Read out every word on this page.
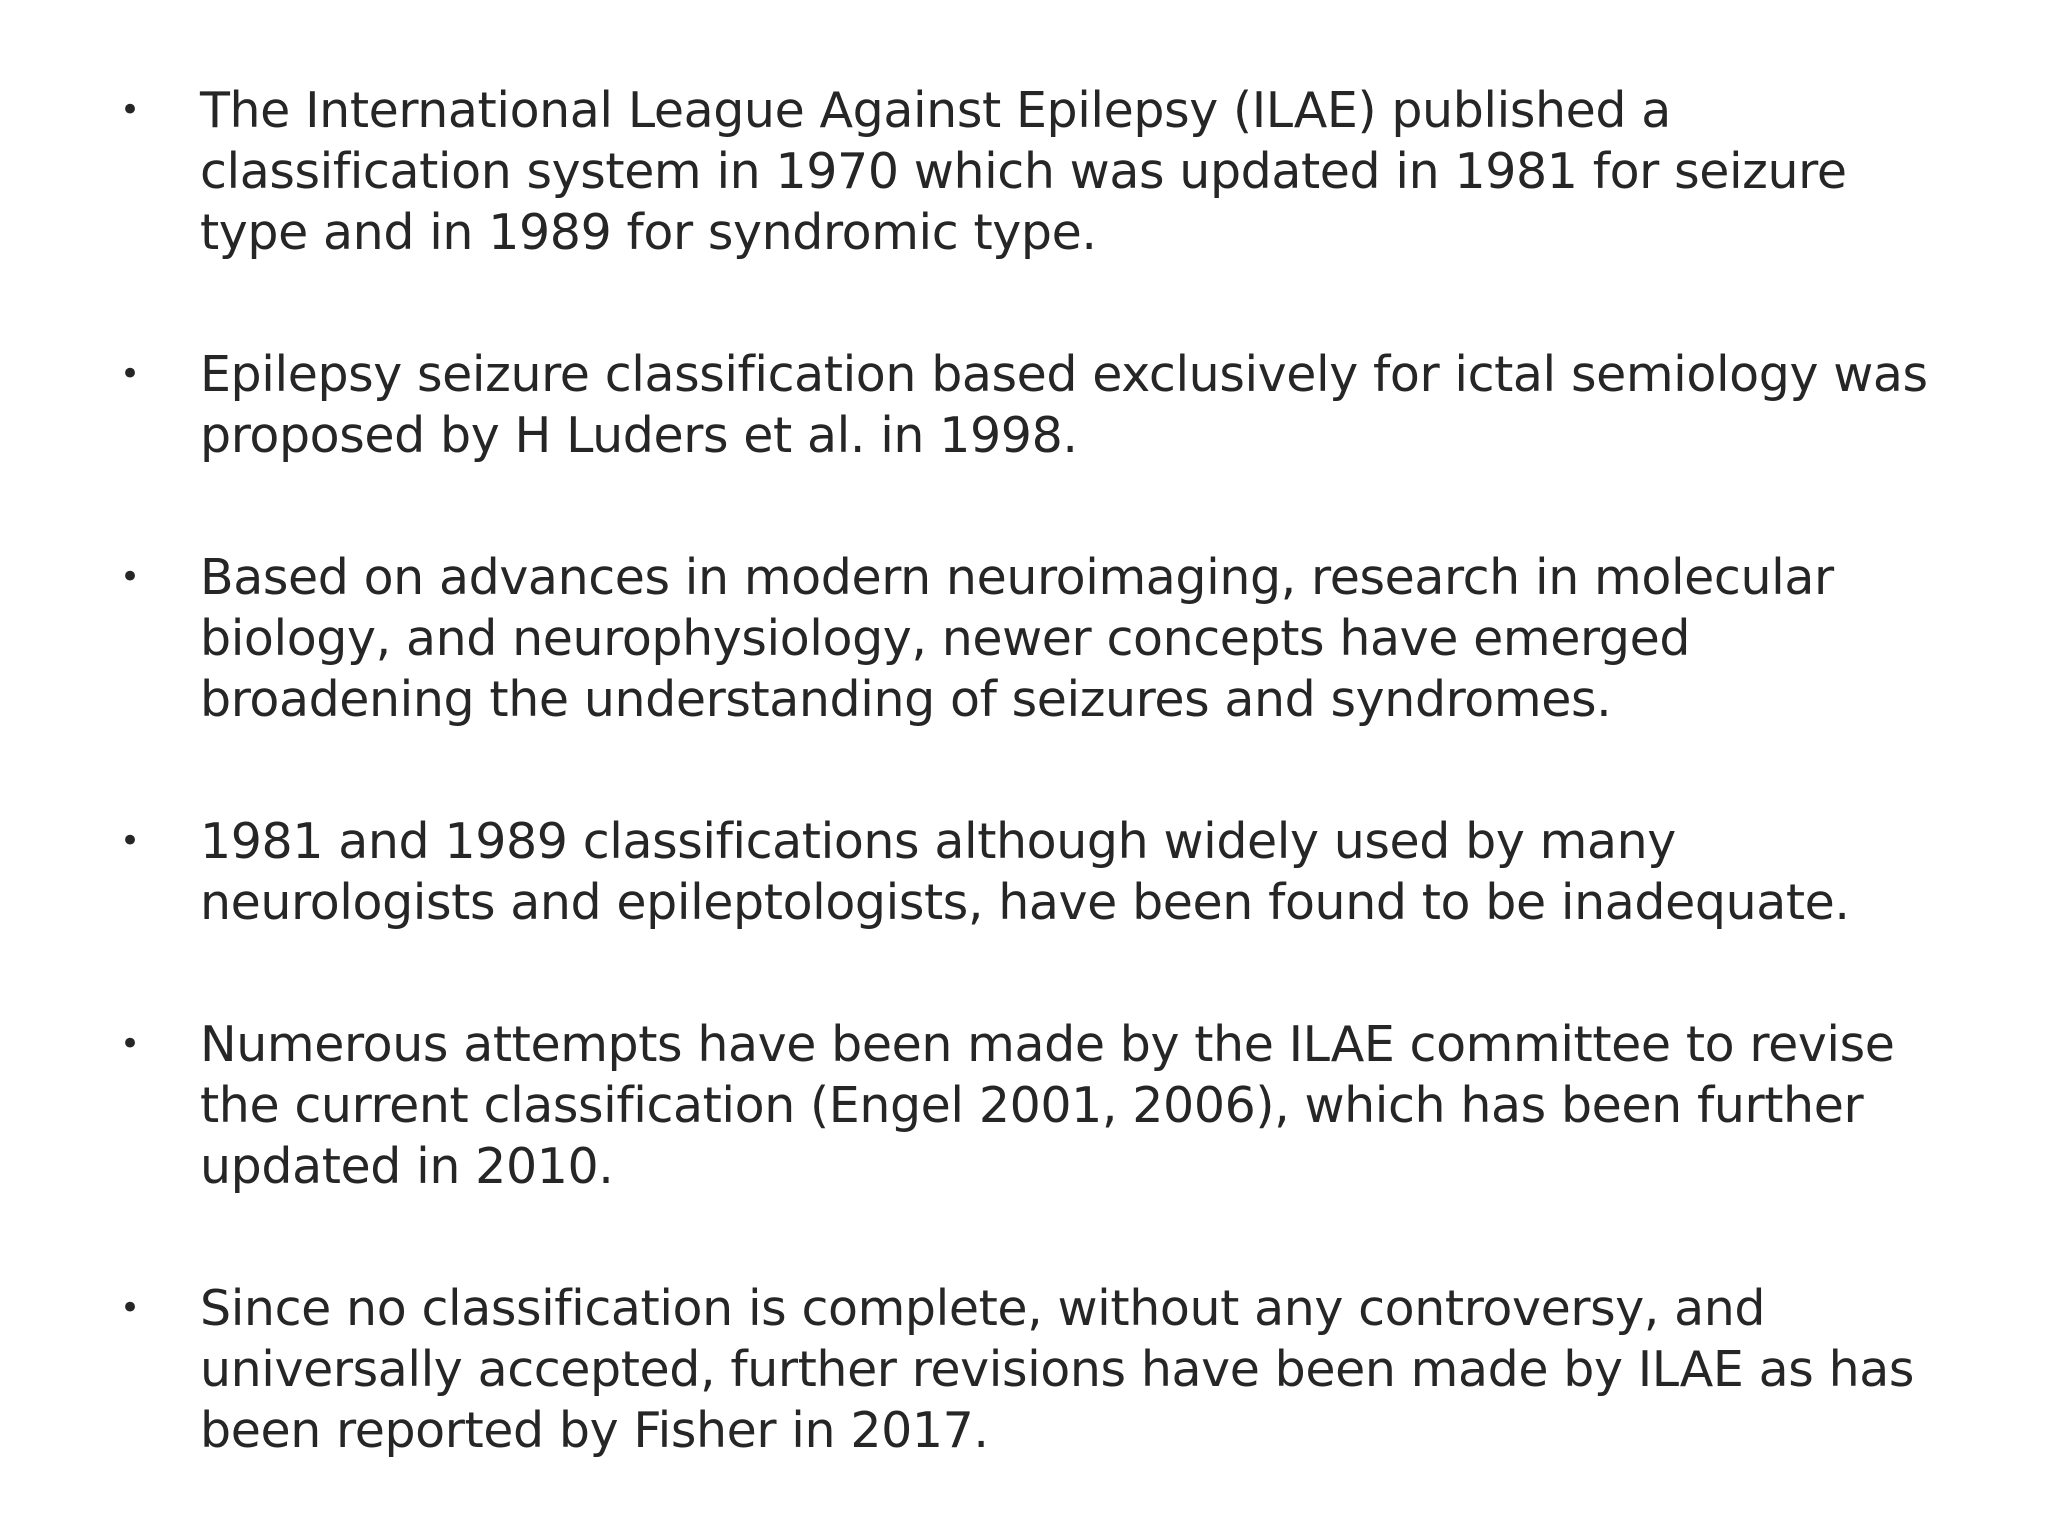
• The International League Against Epilepsy (ILAE) published a classification system in 1970 which was updated in 1981 for seizure type and in 1989 for syndromic type.
• Epilepsy seizure classification based exclusively for ictal semiology was proposed by H Luders et al. in 1998.
• Based on advances in modern neuroimaging, research in molecular biology, and neurophysiology, newer concepts have emerged broadening the understanding of seizures and syndromes.
• 1981 and 1989 classifications although widely used by many neurologists and epileptologists, have been found to be inadequate.
• Numerous attempts have been made by the ILAE committee to revise the current classification (Engel 2001, 2006), which has been further updated in 2010.
• Since no classification is complete, without any controversy, and universally accepted, further revisions have been made by ILAE as has been reported by Fisher in 2017.
